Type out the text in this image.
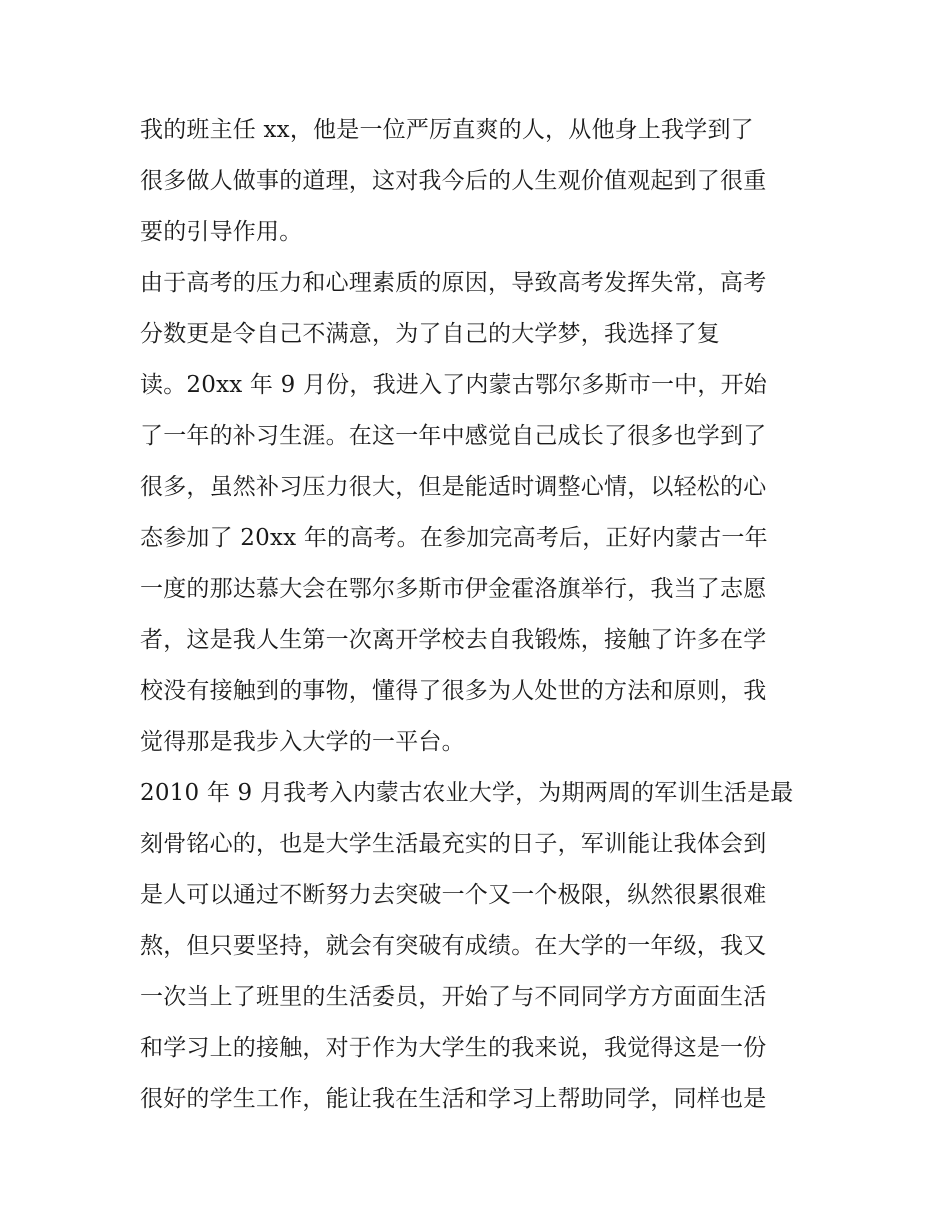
我的班主任 xx，他是一位严厉直爽的人，从他身上我学到了
很多做人做事的道理，这对我今后的人生观价值观起到了很重
要的引导作用。
由于高考的压力和心理素质的原因，导致高考发挥失常，高考
分数更是令自己不满意，为了自己的大学梦，我选择了复
读。20xx 年 9 月份，我进入了内蒙古鄂尔多斯市一中，开始
了一年的补习生涯。在这一年中感觉自己成长了很多也学到了
很多，虽然补习压力很大，但是能适时调整心情，以轻松的心
态参加了 20xx 年的高考。在参加完高考后，正好内蒙古一年
一度的那达慕大会在鄂尔多斯市伊金霍洛旗举行，我当了志愿
者，这是我人生第一次离开学校去自我锻炼，接触了许多在学
校没有接触到的事物，懂得了很多为人处世的方法和原则，我
觉得那是我步入大学的一平台。
2010 年 9 月我考入内蒙古农业大学，为期两周的军训生活是最
刻骨铭心的，也是大学生活最充实的日子，军训能让我体会到
是人可以通过不断努力去突破一个又一个极限，纵然很累很难
熬，但只要坚持，就会有突破有成绩。在大学的一年级，我又
一次当上了班里的生活委员，开始了与不同同学方方面面生活
和学习上的接触，对于作为大学生的我来说，我觉得这是一份
很好的学生工作，能让我在生活和学习上帮助同学，同样也是
